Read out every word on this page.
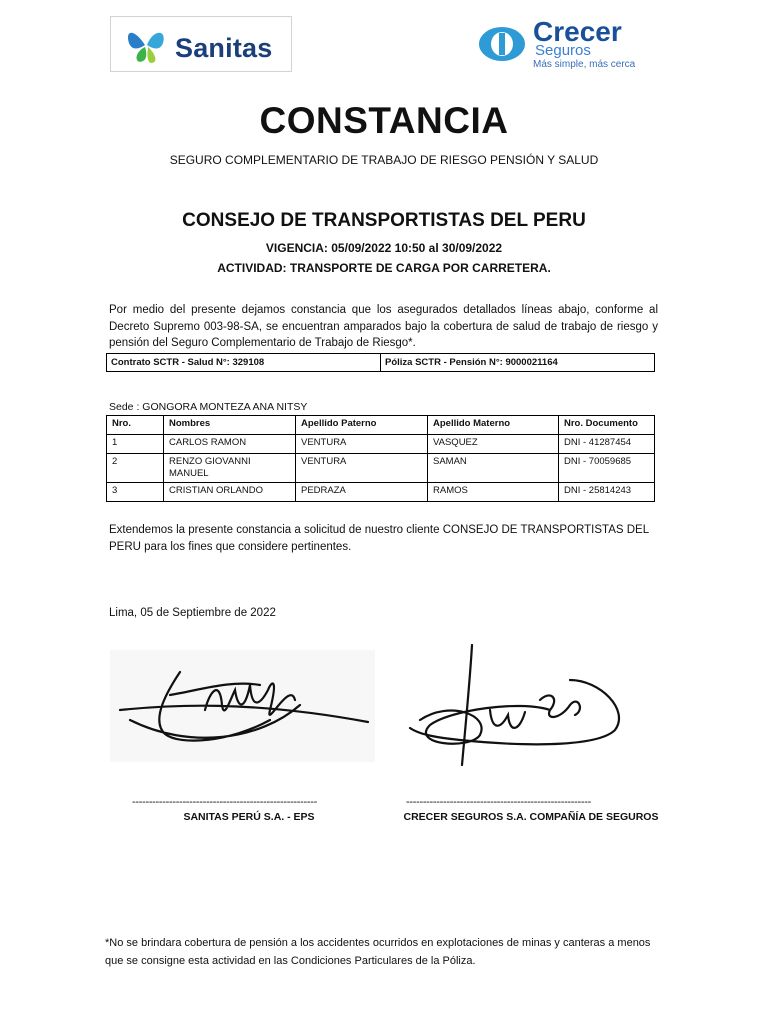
Sanitas
Crecer
Seguros
Más simple, más cerca
CONSTANCIA
SEGURO COMPLEMENTARIO DE TRABAJO DE RIESGO PENSIÓN Y SALUD
CONSEJO DE TRANSPORTISTAS DEL PERU
VIGENCIA: 05/09/2022 10:50 al 30/09/2022
ACTIVIDAD: TRANSPORTE DE CARGA POR CARRETERA.
Por medio del presente dejamos constancia que los asegurados detallados líneas abajo, conforme al Decreto Supremo 003-98-SA, se encuentran amparados bajo la cobertura de salud de trabajo de riesgo y pensión del Seguro Complementario de Trabajo de Riesgo*.
Contrato SCTR - Salud N°: 329108	Póliza SCTR - Pensión N°: 9000021164
Sede : GONGORA MONTEZA ANA NITSY
Nro.	Nombres	Apellido Paterno	Apellido Materno	Nro. Documento
1	CARLOS RAMON	VENTURA	VASQUEZ	DNI - 41287454
2	RENZO GIOVANNI MANUEL	VENTURA	SAMAN	DNI - 70059685
3	CRISTIAN ORLANDO	PEDRAZA	RAMOS	DNI - 25814243
Extendemos la presente constancia a solicitud de nuestro cliente CONSEJO DE TRANSPORTISTAS DEL PERU para los fines que considere pertinentes.
Lima, 05 de Septiembre de 2022
-------------------------------------------------------	-------------------------------------------------------
SANITAS PERÚ S.A. - EPS	CRECER SEGUROS S.A. COMPAÑÍA DE SEGUROS
*No se brindara cobertura de pensión a los accidentes ocurridos en explotaciones de minas y canteras a menos que se consigne esta actividad en las Condiciones Particulares de la Póliza.
